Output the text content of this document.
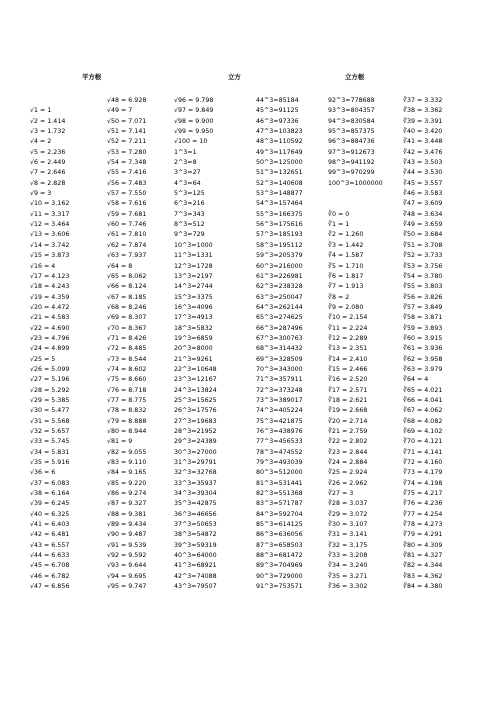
平方根	立方	立方根
√1 = 1
√2 = 1.414
√3 = 1.732
√4 = 2
√5 = 2.236
√6 = 2.449
√7 = 2.646
√8 = 2.828
√9 = 3
√10 = 3.162
√11 = 3.317
√12 = 3.464
√13 = 3.606
√14 = 3.742
√15 = 3.873
√16 = 4
√17 = 4.123
√18 = 4.243
√19 = 4.359
√20 = 4.472
√21 = 4.583
√22 = 4.690
√23 = 4.796
√24 = 4.899
√25 = 5
√26 = 5.099
√27 = 5.196
√28 = 5.292
√29 = 5.385
√30 = 5.477
√31 = 5.568
√32 = 5.657
√33 = 5.745
√34 = 5.831
√35 = 5.916
√36 = 6
√37 = 6.083
√38 = 6.164
√39 = 6.245
√40 = 6.325
√41 = 6.403
√42 = 6.481
√43 = 6.557
√44 = 6.633
√45 = 6.708
√46 = 6.782
√47 = 6.856
√48 = 6.928
√49 = 7
√50 = 7.071
√51 = 7.141
√52 = 7.211
√53 = 7.280
√54 = 7.348
√55 = 7.416
√56 = 7.483
√57 = 7.550
√58 = 7.616
√59 = 7.681
√60 = 7.746
√61 = 7.810
√62 = 7.874
√63 = 7.937
√64 = 8
√65 = 8.062
√66 = 8.124
√67 = 8.185
√68 = 8.246
√69 = 8.307
√70 = 8.367
√71 = 8.426
√72 = 8.485
√73 = 8.544
√74 = 8.602
√75 = 8.660
√76 = 8.718
√77 = 8.775
√78 = 8.832
√79 = 8.888
√80 = 8.944
√81 = 9
√82 = 9.055
√83 = 9.110
√84 = 9.165
√85 = 9.220
√86 = 9.274
√87 = 9.327
√88 = 9.381
√89 = 9.434
√90 = 9.487
√91 = 9.539
√92 = 9.592
√93 = 9.644
√94 = 9.695
√95 = 9.747
√96 = 9.798
√97 = 9.849
√98 = 9.900
√99 = 9.950
√100 = 10
1^3=1
2^3=8
3^3=27
4^3=64
5^3=125
6^3=216
7^3=343
8^3=512
9^3=729
10^3=1000
11^3=1331
12^3=1728
13^3=2197
14^3=2744
15^3=3375
16^3=4096
17^3=4913
18^3=5832
19^3=6859
20^3=8000
21^3=9261
22^3=10648
23^3=12167
24^3=13824
25^3=15625
26^3=17576
27^3=19683
28^3=21952
29^3=24389
30^3=27000
31^3=29791
32^3=32768
33^3=35937
34^3=39304
35^3=42875
36^3=46656
37^3=50653
38^3=54872
39^3=59319
40^3=64000
41^3=68921
42^3=74088
43^3=79507
44^3=85184
45^3=91125
46^3=97336
47^3=103823
48^3=110592
49^3=117649
50^3=125000
51^3=132651
52^3=140608
53^3=148877
54^3=157464
55^3=166375
56^3=175616
57^3=185193
58^3=195112
59^3=205379
60^3=216000
61^3=226981
62^3=238328
63^3=250047
64^3=262144
65^3=274625
66^3=287496
67^3=300763
68^3=314432
69^3=328509
70^3=343000
71^3=357911
72^3=373248
73^3=389017
74^3=405224
75^3=421875
76^3=438976
77^3=456533
78^3=474552
79^3=493039
80^3=512000
81^3=531441
82^3=551368
83^3=571787
84^3=592704
85^3=614125
86^3=636056
87^3=658503
88^3=681472
89^3=704969
90^3=729000
91^3=753571
92^3=778688
93^3=804357
94^3=830584
95^3=857375
96^3=884736
97^3=912673
98^3=941192
99^3=970299
100^3=1000000
∛0 = 0
∛1 = 1
∛2 = 1.260
∛3 = 1.442
∛4 = 1.587
∛5 = 1.710
∛6 = 1.817
∛7 = 1.913
∛8 = 2
∛9 = 2.080
∛10 = 2.154
∛11 = 2.224
∛12 = 2.289
∛13 = 2.351
∛14 = 2.410
∛15 = 2.466
∛16 = 2.520
∛17 = 2.571
∛18 = 2.621
∛19 = 2.668
∛20 = 2.714
∛21 = 2.759
∛22 = 2.802
∛23 = 2.844
∛24 = 2.884
∛25 = 2.924
∛26 = 2.962
∛27 = 3
∛28 = 3.037
∛29 = 3.072
∛30 = 3.107
∛31 = 3.141
∛32 = 3.175
∛33 = 3.208
∛34 = 3.240
∛35 = 3.271
∛36 = 3.302
∛37 = 3.332
∛38 = 3.362
∛39 = 3.391
∛40 = 3.420
∛41 = 3.448
∛42 = 3.476
∛43 = 3.503
∛44 = 3.530
∛45 = 3.557
∛46 = 3.583
∛47 = 3.609
∛48 = 3.634
∛49 = 3.659
∛50 = 3.684
∛51 = 3.708
∛52 = 3.733
∛53 = 3.756
∛54 = 3.780
∛55 = 3.803
∛56 = 3.826
∛57 = 3.849
∛58 = 3.871
∛59 = 3.893
∛60 = 3.915
∛61 = 3.936
∛62 = 3.958
∛63 = 3.979
∛64 = 4
∛65 = 4.021
∛66 = 4.041
∛67 = 4.062
∛68 = 4.082
∛69 = 4.102
∛70 = 4.121
∛71 = 4.141
∛72 = 4.160
∛73 = 4.179
∛74 = 4.198
∛75 = 4.217
∛76 = 4.236
∛77 = 4.254
∛78 = 4.273
∛79 = 4.291
∛80 = 4.309
∛81 = 4.327
∛82 = 4.344
∛83 = 4.362
∛84 = 4.380
